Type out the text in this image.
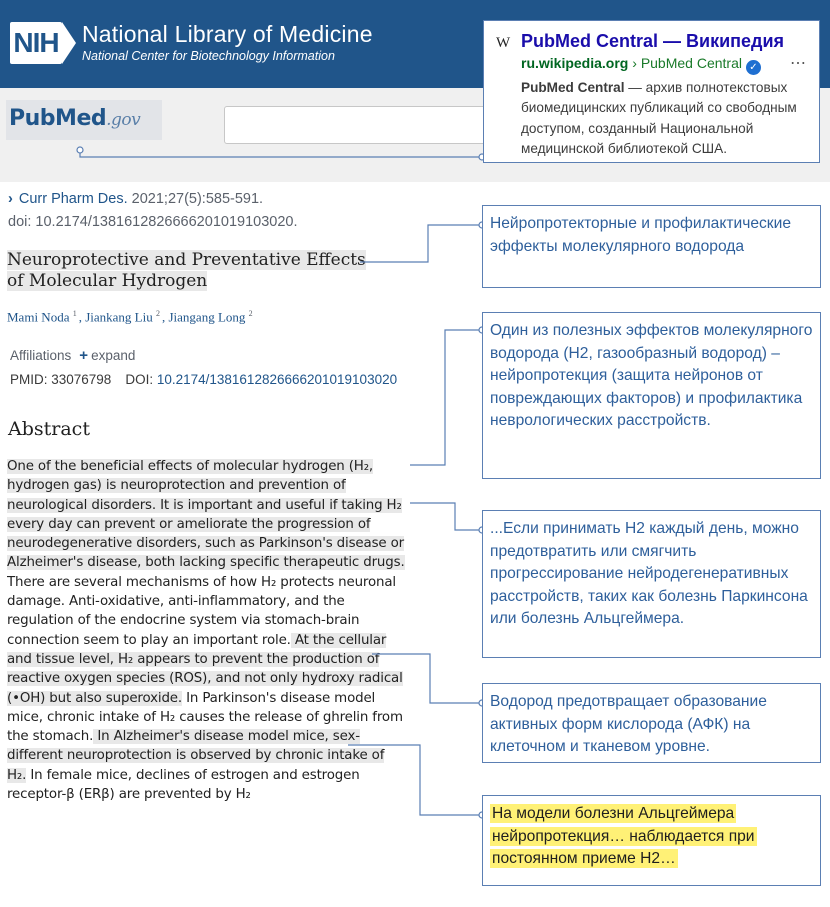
NIH National Library of Medicine
National Center for Biotechnology Information
PubMed.gov
› Curr Pharm Des. 2021;27(5):585-591.
doi: 10.2174/1381612826666201019103020.
Neuroprotective and Preventative Effects of Molecular Hydrogen
Mami Noda $^1$ , Jiankang Liu $^2$ , Jiangang Long $^2$
Affiliations + expand
PMID: 33076798 DOI: 10.2174/1381612826666201019103020
Abstract
One of the beneficial effects of molecular hydrogen (H₂, hydrogen gas) is neuroprotection and prevention of neurological disorders. It is important and useful if taking H₂ every day can prevent or ameliorate the progression of neurodegenerative disorders, such as Parkinson's disease or Alzheimer's disease, both lacking specific therapeutic drugs. There are several mechanisms of how H₂ protects neuronal damage. Anti-oxidative, anti-inflammatory, and the regulation of the endocrine system via stomach-brain connection seem to play an important role. At the cellular and tissue level, H₂ appears to prevent the production of reactive oxygen species (ROS), and not only hydroxy radical (•OH) but also superoxide. In Parkinson's disease model mice, chronic intake of H₂ causes the release of ghrelin from the stomach. In Alzheimer's disease model mice, sex-different neuroprotection is observed by chronic intake of H₂. In female mice, declines of estrogen and estrogen receptor-β (ERβ) are prevented by H₂
W PubMed Central — Википедия
ru.wikipedia.org › PubMed Central ✓ ⋯
PubMed Central — архив полнотекстовых биомедицинских публикаций со свободным доступом, созданный Национальной медицинской библиотекой США.
Нейропротекторные и профилактические эффекты молекулярного водорода
Один из полезных эффектов молекулярного водорода (H2, газообразный водород) – нейропротекция (защита нейронов от повреждающих факторов) и профилактика неврологических расстройств.
...Если принимать H2 каждый день, можно предотвратить или смягчить прогрессирование нейродегенеративных расстройств, таких как болезнь Паркинсона или болезнь Альцгеймера.
Водород предотвращает образование активных форм кислорода (АФК) на клеточном и тканевом уровне.
На модели болезни Альцгеймера нейропротекция… наблюдается при постоянном приеме H2…
